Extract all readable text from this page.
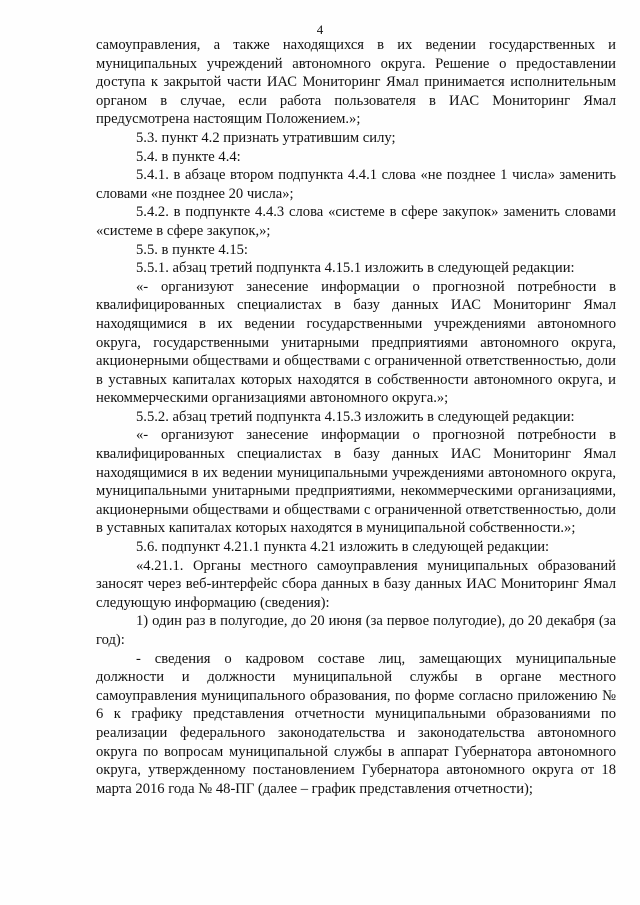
4

самоуправления, а также находящихся в их ведении государственных и муниципальных учреждений автономного округа. Решение о предоставлении доступа к закрытой части ИАС Мониторинг Ямал принимается исполнительным органом в случае, если работа пользователя в ИАС Мониторинг Ямал предусмотрена настоящим Положением.»;

5.3. пункт 4.2 признать утратившим силу;

5.4. в пункте 4.4:

5.4.1. в абзаце втором подпункта 4.4.1 слова «не позднее 1 числа» заменить словами «не позднее 20 числа»;

5.4.2. в подпункте 4.4.3 слова «системе в сфере закупок» заменить словами «системе в сфере закупок,»;

5.5. в пункте 4.15:

5.5.1. абзац третий подпункта 4.15.1 изложить в следующей редакции:

«- организуют занесение информации о прогнозной потребности в квалифицированных специалистах в базу данных ИАС Мониторинг Ямал находящимися в их ведении государственными учреждениями автономного округа, государственными унитарными предприятиями автономного округа, акционерными обществами и обществами с ограниченной ответственностью, доли в уставных капиталах которых находятся в собственности автономного округа, и некоммерческими организациями автономного округа.»;

5.5.2. абзац третий подпункта 4.15.3 изложить в следующей редакции:

«- организуют занесение информации о прогнозной потребности в квалифицированных специалистах в базу данных ИАС Мониторинг Ямал находящимися в их ведении муниципальными учреждениями автономного округа, муниципальными унитарными предприятиями, некоммерческими организациями, акционерными обществами и обществами с ограниченной ответственностью, доли в уставных капиталах которых находятся в муниципальной собственности.»;

5.6. подпункт 4.21.1 пункта 4.21 изложить в следующей редакции:

«4.21.1. Органы местного самоуправления муниципальных образований заносят через веб-интерфейс сбора данных в базу данных ИАС Мониторинг Ямал следующую информацию (сведения):

1) один раз в полугодие, до 20 июня (за первое полугодие), до 20 декабря (за год):

- сведения о кадровом составе лиц, замещающих муниципальные должности и должности муниципальной службы в органе местного самоуправления муниципального образования, по форме согласно приложению № 6 к графику представления отчетности муниципальными образованиями по реализации федерального законодательства и законодательства автономного округа по вопросам муниципальной службы в аппарат Губернатора автономного округа, утвержденному постановлением Губернатора автономного округа от 18 марта 2016 года № 48-ПГ (далее – график представления отчетности);
